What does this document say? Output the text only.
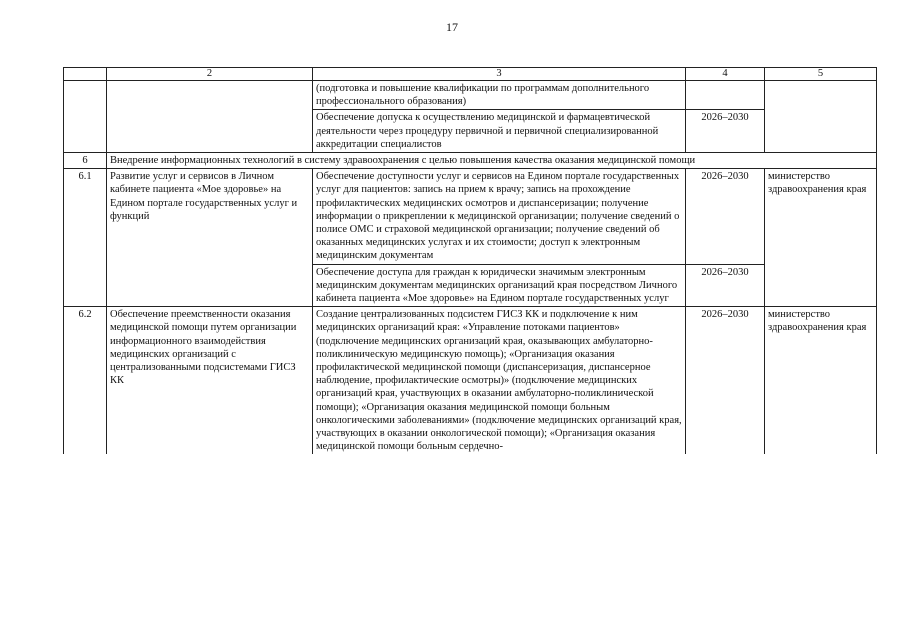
17
	2	3	4	5
		(подготовка и повышение квалификации по программам дополнительного профессионального образования)		
		Обеспечение допуска к осуществлению медицинской и фармацевтической деятельности через процедуру первичной и первичной специализированной аккредитации специалистов	2026–2030	
6	Внедрение информационных технологий в систему здравоохранения с целью повышения качества оказания медицинской помощи			
6.1	Развитие услуг и сервисов в Личном кабинете пациента «Мое здоровье» на Едином портале государственных услуг и функций	Обеспечение доступности услуг и сервисов на Едином портале государственных услуг для пациентов: запись на прием к врачу; запись на прохождение профилактических медицинских осмотров и диспансеризации; получение информации о прикреплении к медицинской организации; получение сведений о полисе ОМС и страховой медицинской организации; получение сведений об оказанных медицинских услугах и их стоимости; доступ к электронным медицинским документам	2026–2030	министерство здравоохранения края
		Обеспечение доступа для граждан к юридически значимым электронным медицинским документам медицинских организаций края посредством Личного кабинета пациента «Мое здоровье» на Едином портале государственных услуг	2026–2030	
6.2	Обеспечение преемственности оказания медицинской помощи путем организации информационного взаимодействия медицинских организаций с централизованными подсистемами ГИСЗ КК	Создание централизованных подсистем ГИСЗ КК и подключение к ним медицинских организаций края: «Управление потоками пациентов» (подключение медицинских организаций края, оказывающих амбулаторно-поликлиническую медицинскую помощь); «Организация оказания профилактической медицинской помощи (диспансеризация, диспансерное наблюдение, профилактические осмотры)» (подключение медицинских организаций края, участвующих в оказании амбулаторно-поликлинической помощи); «Организация оказания медицинской помощи больным онкологическими заболеваниями» (подключение медицинских организаций края, участвующих в оказании онкологической помощи); «Организация оказания медицинской помощи больным сердечно-	2026–2030	министерство здравоохранения края
